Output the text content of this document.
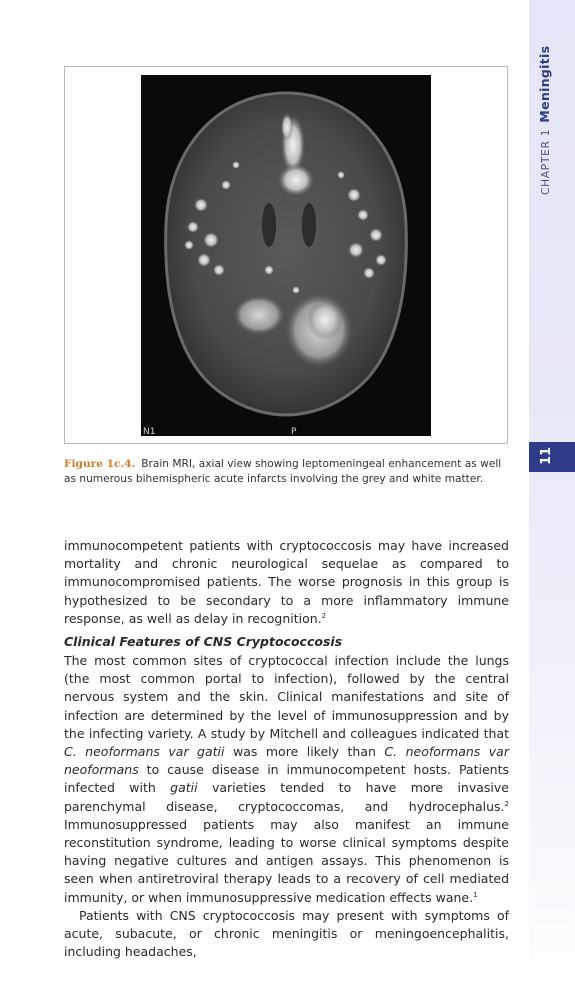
CHAPTER 1 Meningitis
11
N1	P
Figure 1c.4. Brain MRI, axial view showing leptomeningeal enhancement as well as numerous bihemispheric acute infarcts involving the grey and white matter.

immunocompetent patients with cryptococcosis may have increased mortality and chronic neurological sequelae as compared to immunocompromised patients. The worse prognosis in this group is hypothesized to be secondary to a more inflammatory immune response, as well as delay in recognition.$^2$

Clinical Features of CNS Cryptococcosis

The most common sites of cryptococcal infection include the lungs (the most common portal to infection), followed by the central nervous system and the skin. Clinical manifestations and site of infection are determined by the level of immunosuppression and by the infecting variety. A study by Mitchell and colleagues indicated that C. neoformans var gatii was more likely than C. neoformans var neoformans to cause disease in immunocompetent hosts. Patients infected with gatii varieties tended to have more invasive parenchymal disease, cryptococcomas, and hydrocephalus.$^2$ Immunosuppressed patients may also manifest an immune reconstitution syndrome, leading to worse clinical symptoms despite having negative cultures and antigen assays. This phenomenon is seen when antiretroviral therapy leads to a recovery of cell mediated immunity, or when immunosuppressive medication effects wane.$^1$

Patients with CNS cryptococcosis may present with symptoms of acute, subacute, or chronic meningitis or meningoencephalitis, including headaches,
